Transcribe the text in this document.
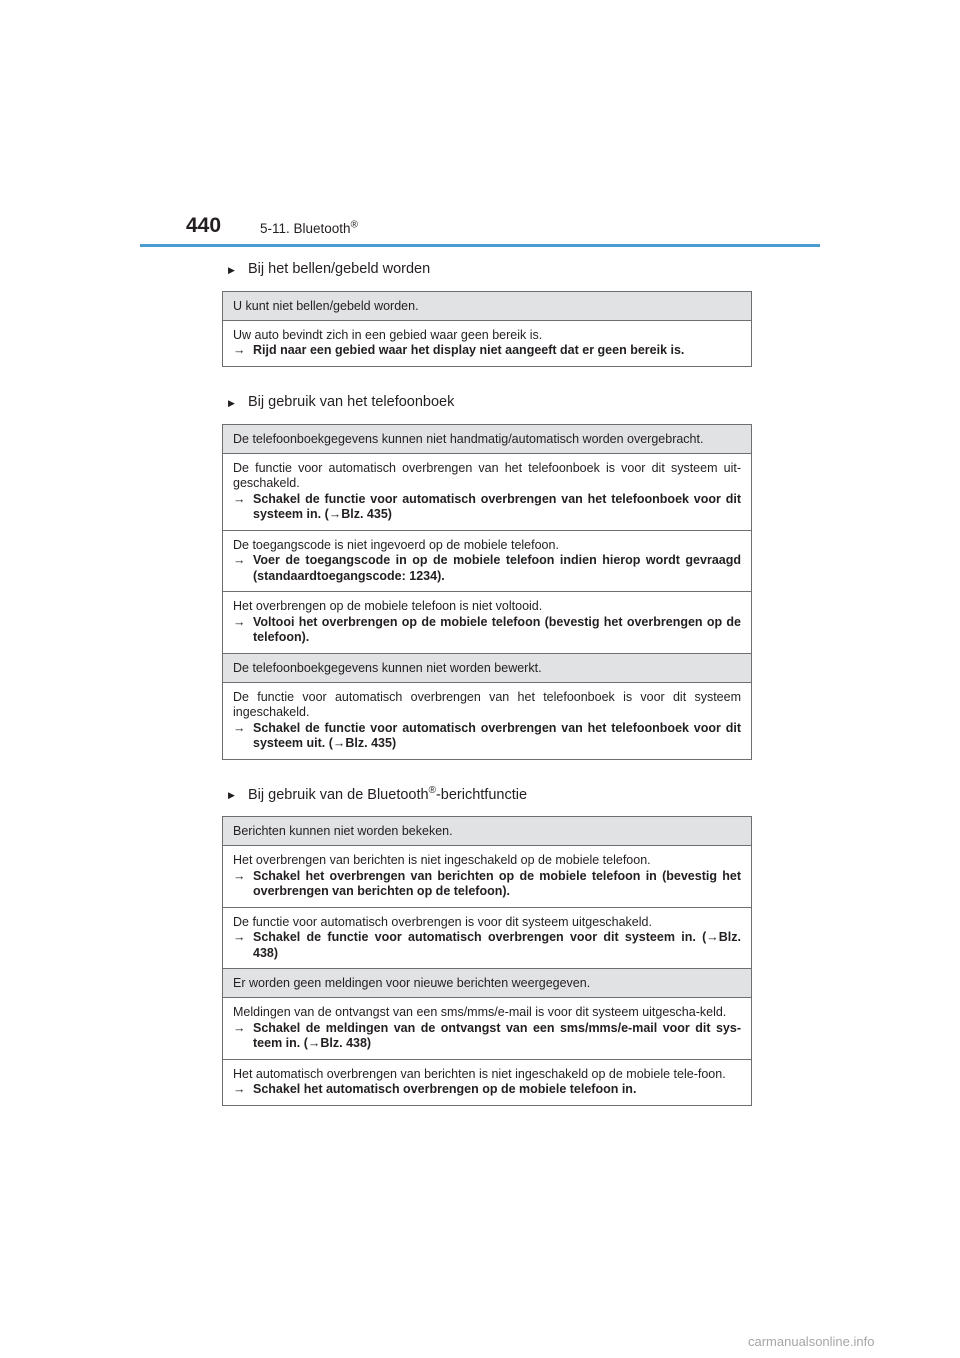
440	5-11. Bluetooth®
▶ Bij het bellen/gebeld worden
U kunt niet bellen/gebeld worden.
Uw auto bevindt zich in een gebied waar geen bereik is.
→ Rijd naar een gebied waar het display niet aangeeft dat er geen bereik is.
▶ Bij gebruik van het telefoonboek
De telefoonboekgegevens kunnen niet handmatig/automatisch worden overgebracht.
De functie voor automatisch overbrengen van het telefoonboek is voor dit systeem uit-geschakeld.
→ Schakel de functie voor automatisch overbrengen van het telefoonboek voor dit systeem in. (→Blz. 435)
De toegangscode is niet ingevoerd op de mobiele telefoon.
→ Voer de toegangscode in op de mobiele telefoon indien hierop wordt gevraagd (standaardtoegangscode: 1234).
Het overbrengen op de mobiele telefoon is niet voltooid.
→ Voltooi het overbrengen op de mobiele telefoon (bevestig het overbrengen op de telefoon).
De telefoonboekgegevens kunnen niet worden bewerkt.
De functie voor automatisch overbrengen van het telefoonboek is voor dit systeem ingeschakeld.
→ Schakel de functie voor automatisch overbrengen van het telefoonboek voor dit systeem uit. (→Blz. 435)
▶ Bij gebruik van de Bluetooth®-berichtfunctie
Berichten kunnen niet worden bekeken.
Het overbrengen van berichten is niet ingeschakeld op de mobiele telefoon.
→ Schakel het overbrengen van berichten op de mobiele telefoon in (bevestig het overbrengen van berichten op de telefoon).
De functie voor automatisch overbrengen is voor dit systeem uitgeschakeld.
→ Schakel de functie voor automatisch overbrengen voor dit systeem in. (→Blz. 438)
Er worden geen meldingen voor nieuwe berichten weergegeven.
Meldingen van de ontvangst van een sms/mms/e-mail is voor dit systeem uitgescha-keld.
→ Schakel de meldingen van de ontvangst van een sms/mms/e-mail voor dit sys-teem in. (→Blz. 438)
Het automatisch overbrengen van berichten is niet ingeschakeld op de mobiele tele-foon.
→ Schakel het automatisch overbrengen op de mobiele telefoon in.
carmanualsonline.info
